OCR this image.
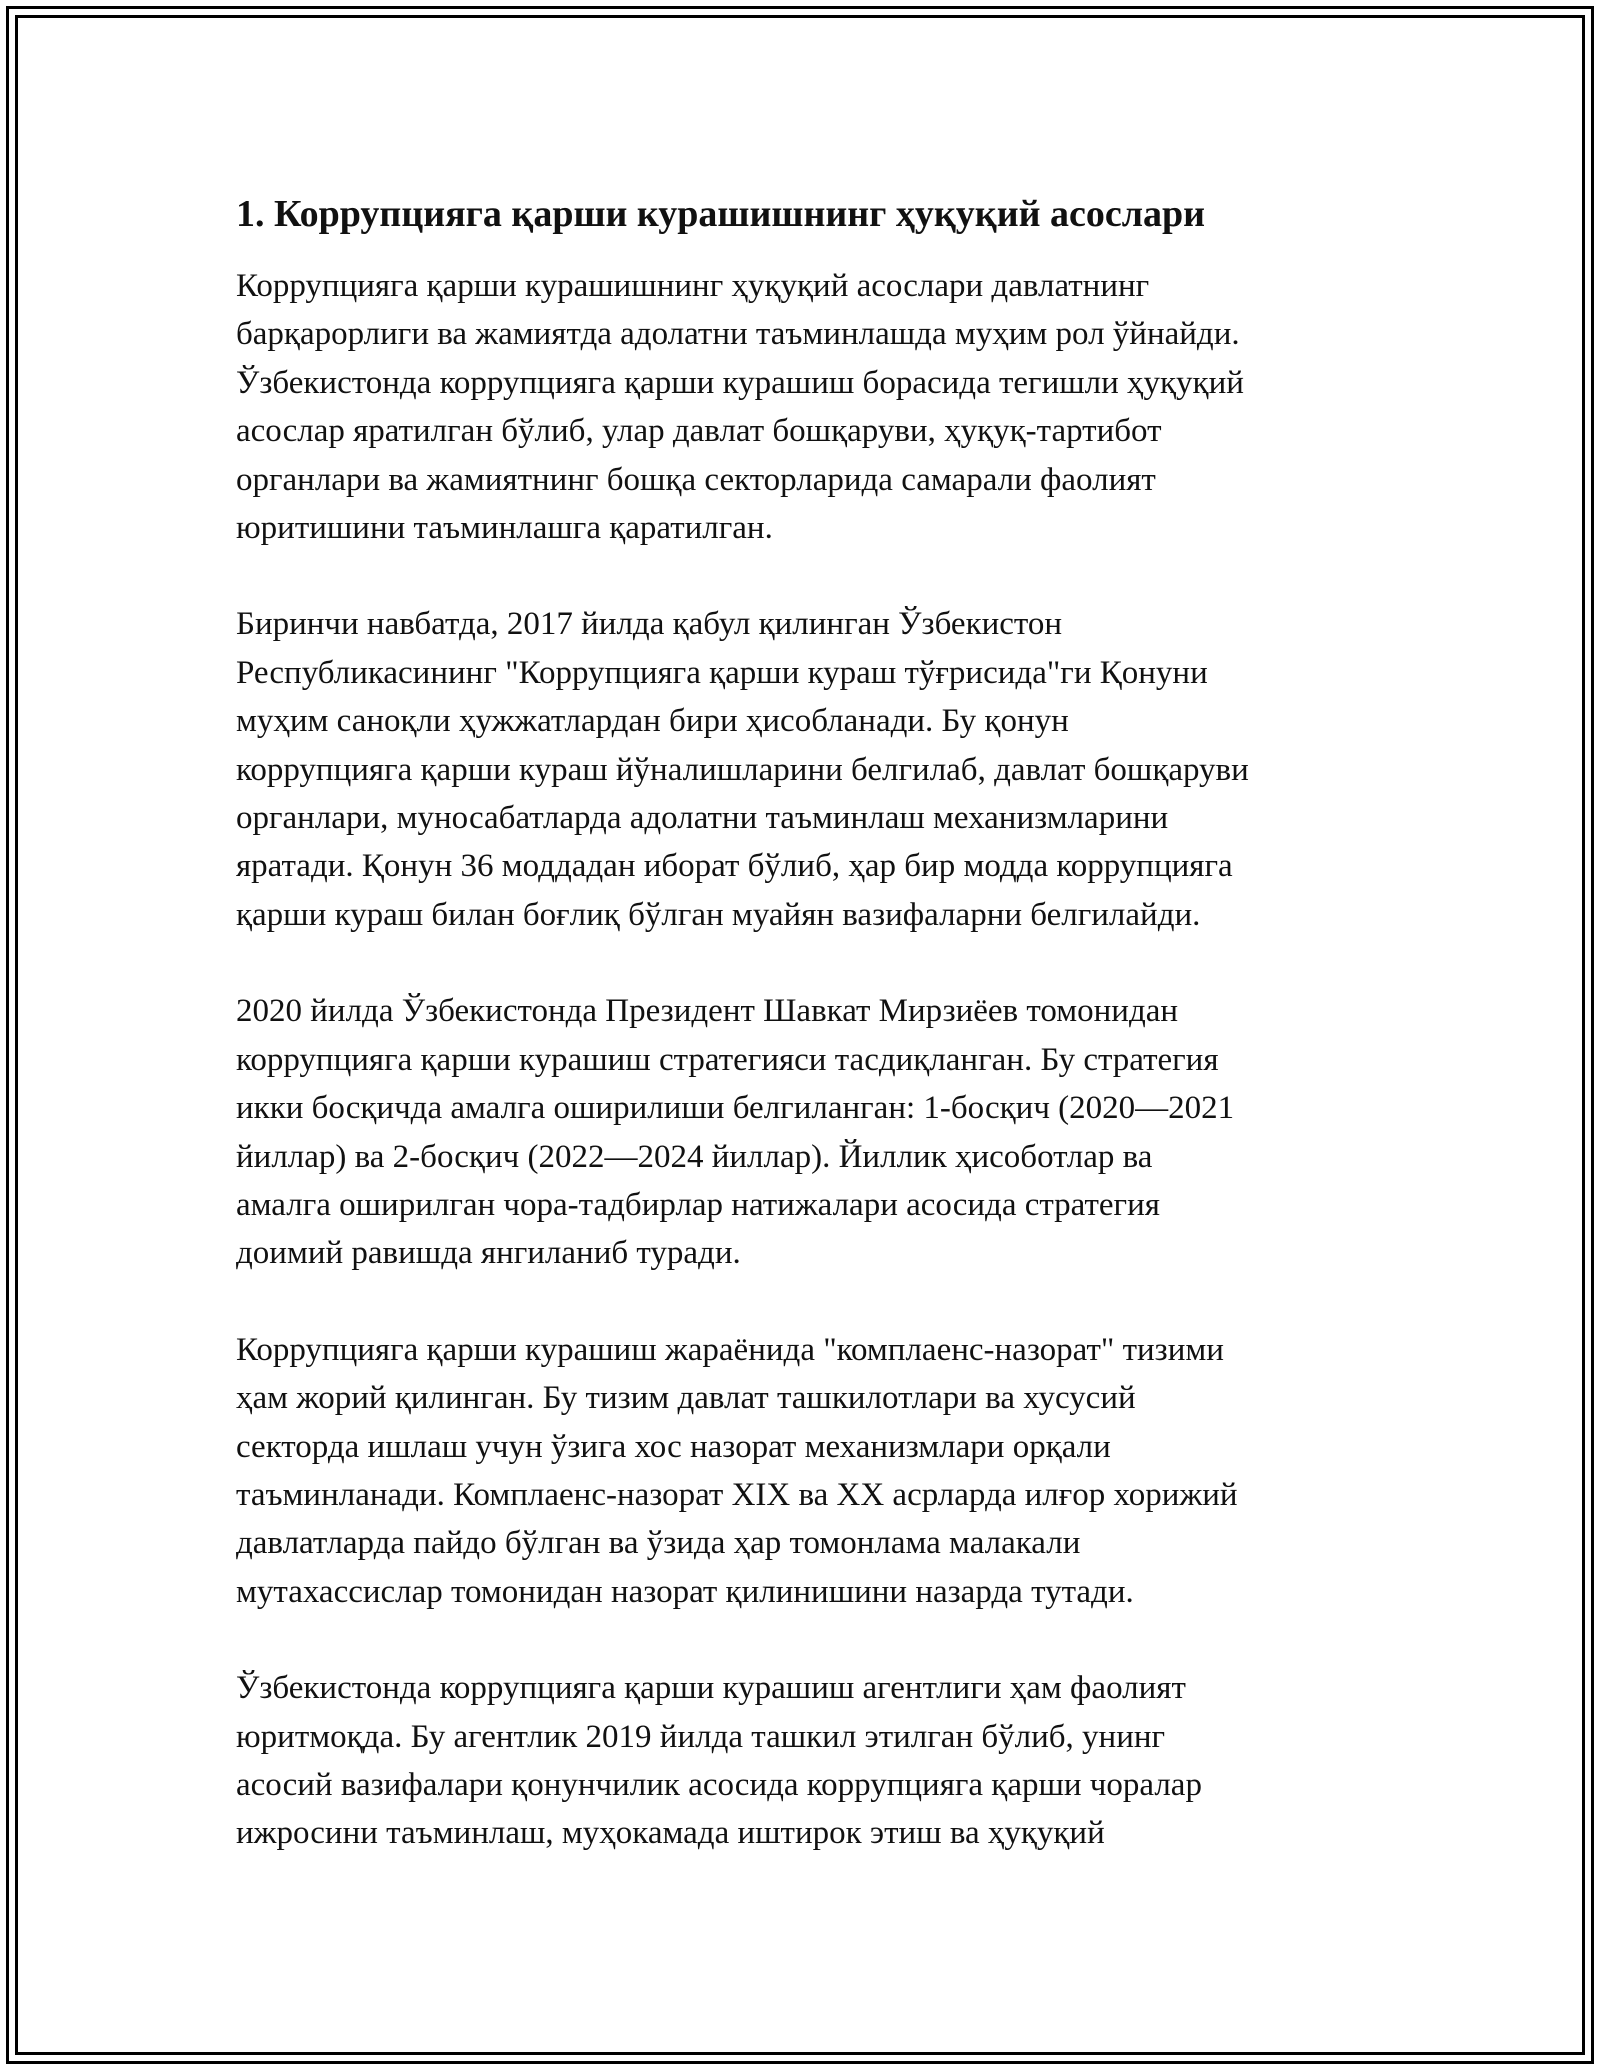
1. Коррупцияга қарши курашишнинг ҳуқуқий асослари

Коррупцияга қарши курашишнинг ҳуқуқий асослари давлатнинг
барқарорлиги ва жамиятда адолатни таъминлашда муҳим рол ўйнайди.
Ўзбекистонда коррупцияга қарши курашиш борасида тегишли ҳуқуқий
асослар яратилган бўлиб, улар давлат бошқаруви, ҳуқуқ-тартибот
органлари ва жамиятнинг бошқа секторларида самарали фаолият
юритишини таъминлашга қаратилган.

Биринчи навбатда, 2017 йилда қабул қилинган Ўзбекистон
Республикасининг "Коррупцияга қарши кураш тўғрисида"ги Қонуни
муҳим саноқли ҳужжатлардан бири ҳисобланади. Бу қонун
коррупцияга қарши кураш йўналишларини белгилаб, давлат бошқаруви
органлари, муносабатларда адолатни таъминлаш механизмларини
яратади. Қонун 36 моддадан иборат бўлиб, ҳар бир модда коррупцияга
қарши кураш билан боғлиқ бўлган муайян вазифаларни белгилайди.

2020 йилда Ўзбекистонда Президент Шавкат Мирзиёев томонидан
коррупцияга қарши курашиш стратегияси тасдиқланган. Бу стратегия
икки босқичда амалга оширилиши белгиланган: 1-босқич (2020—2021
йиллар) ва 2-босқич (2022—2024 йиллар). Йиллик ҳисоботлар ва
амалга оширилган чора-тадбирлар натижалари асосида стратегия
доимий равишда янгиланиб туради.

Коррупцияга қарши курашиш жараёнида "комплаенс-назорат" тизими
ҳам жорий қилинган. Бу тизим давлат ташкилотлари ва хусусий
секторда ишлаш учун ўзига хос назорат механизмлари орқали
таъминланади. Комплаенс-назорат XIX ва XX асрларда илғор хорижий
давлатларда пайдо бўлган ва ўзида ҳар томонлама малакали
мутахассислар томонидан назорат қилинишини назарда тутади.

Ўзбекистонда коррупцияга қарши курашиш агентлиги ҳам фаолият
юритмоқда. Бу агентлик 2019 йилда ташкил этилган бўлиб, унинг
асосий вазифалари қонунчилик асосида коррупцияга қарши чоралар
ижросини таъминлаш, муҳокамада иштирок этиш ва ҳуқуқий
